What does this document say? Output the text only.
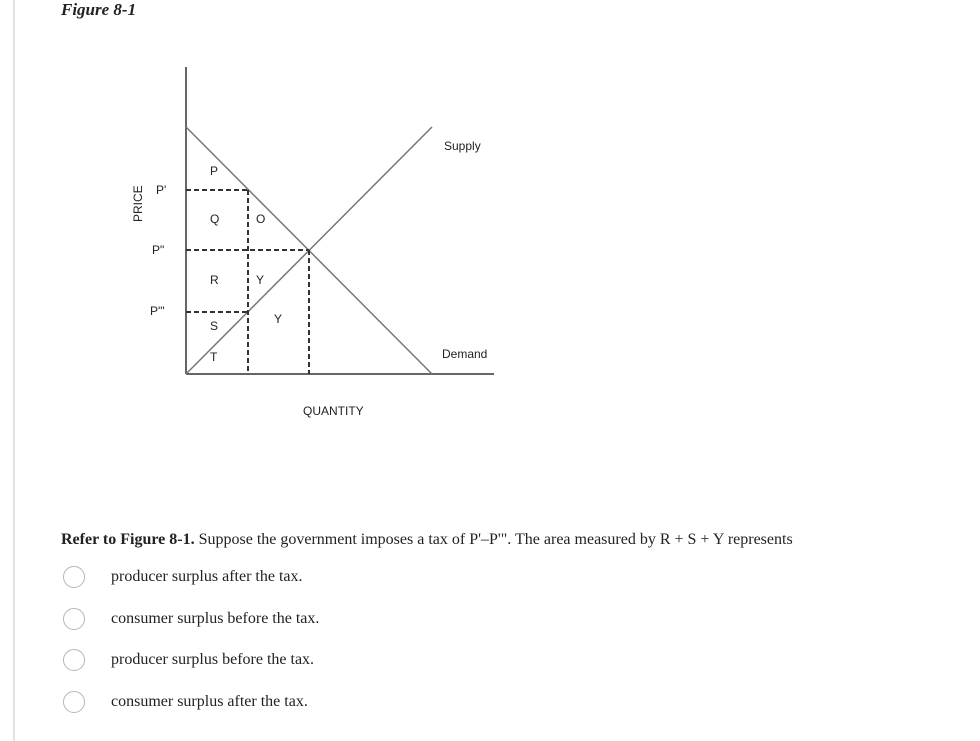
Figure 8-1
PRICE
QUANTITY
Supply
Demand
P'
P"
P'"
P
Q	O
R	Y
Y
S
T
Refer to Figure 8-1. Suppose the government imposes a tax of P'–P'". The area measured by R + S + Y represents
producer surplus after the tax.
consumer surplus before the tax.
producer surplus before the tax.
consumer surplus after the tax.
